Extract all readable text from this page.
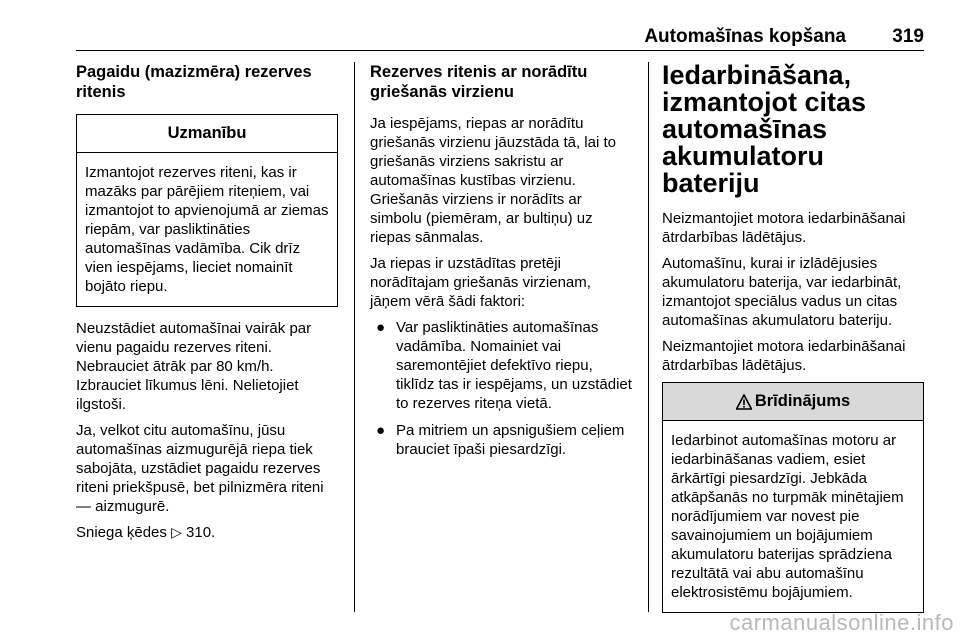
Automašīnas kopšana 319
Pagaidu (mazizmēra) rezerves ritenis
Uzmanību
Izmantojot rezerves riteni, kas ir mazāks par pārējiem riteņiem, vai izmantojot to apvienojumā ar ziemas riepām, var pasliktināties automašīnas vadāmība. Cik drīz vien iespējams, lieciet nomainīt bojāto riepu.

Neuzstādiet automašīnai vairāk par vienu pagaidu rezerves riteni. Nebrauciet ātrāk par 80 km/h. Izbrauciet līkumus lēni. Nelietojiet ilgstoši.

Ja, velkot citu automašīnu, jūsu automašīnas aizmugurējā riepa tiek sabojāta, uzstādiet pagaidu rezerves riteni priekšpusē, bet pilnizmēra riteni — aizmugurē.

Sniega ķēdes ▷ 310.

Rezerves ritenis ar norādītu griešanās virzienu

Ja iespējams, riepas ar norādītu griešanās virzienu jāuzstāda tā, lai to griešanās virziens sakristu ar automašīnas kustības virzienu. Griešanās virziens ir norādīts ar simbolu (piemēram, ar bultiņu) uz riepas sānmalas.

Ja riepas ir uzstādītas pretēji norādītajam griešanās virzienam, jāņem vērā šādi faktori:

● Var pasliktināties automašīnas vadāmība. Nomainiet vai saremontējiet defektīvo riepu, tiklīdz tas ir iespējams, un uzstādiet to rezerves riteņa vietā.
● Pa mitriem un apsnigušiem ceļiem brauciet īpaši piesardzīgi.
Iedarbināšana, izmantojot citas automašīnas akumulatoru bateriju

Neizmantojiet motora iedarbināšanai ātrdarbības lādētājus.

Automašīnu, kurai ir izlādējusies akumulatoru baterija, var iedarbināt, izmantojot speciālus vadus un citas automašīnas akumulatoru bateriju.

Neizmantojiet motora iedarbināšanai ātrdarbības lādētājus.

Brīdinājums
Iedarbinot automašīnas motoru ar iedarbināšanas vadiem, esiet ārkārtīgi piesardzīgi. Jebkāda atkāpšanās no turpmāk minētajiem norādījumiem var novest pie savainojumiem un bojājumiem akumulatoru baterijas sprādziena rezultātā vai abu automašīnu elektrosistēmu bojājumiem.
carmanualsonline.info
